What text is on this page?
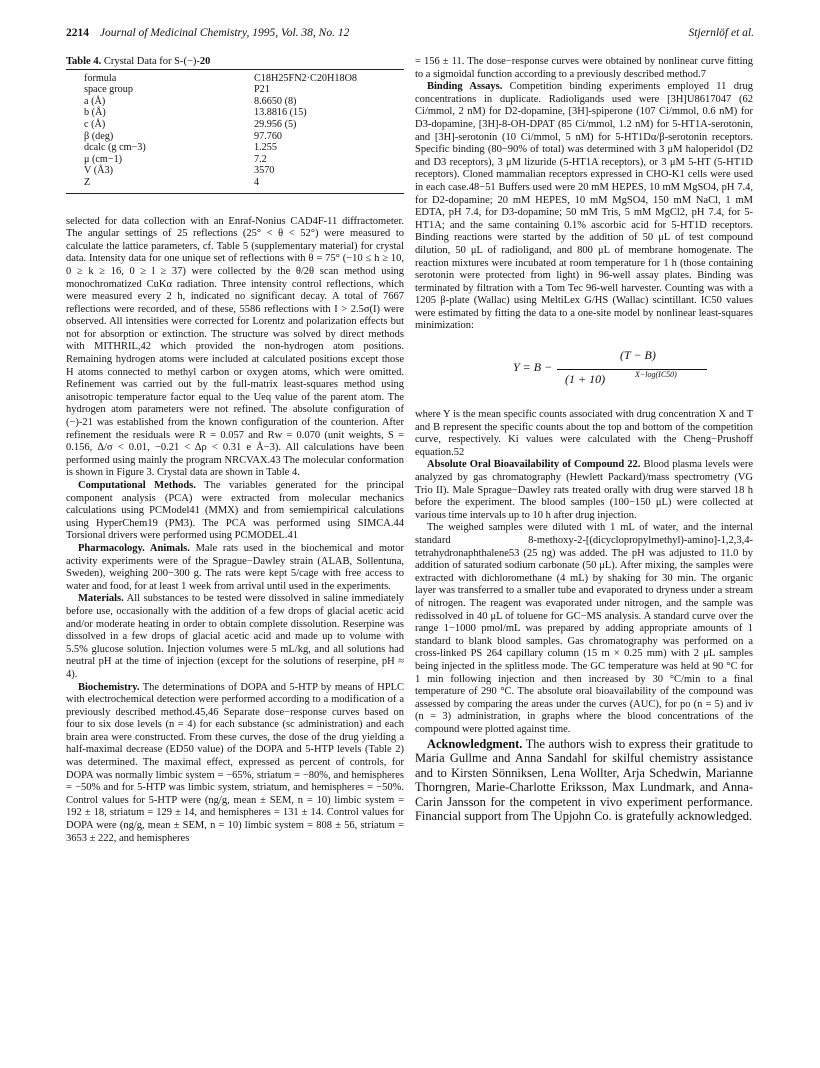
2214 Journal of Medicinal Chemistry, 1995, Vol. 38, No. 12	Stjernlöf et al.

Table 4. Crystal Data for S-(−)-20

formula	C18H25FN2·C20H18O8
space group	P21
a (Å)	8.6650 (8)
b (Å)	13.8816 (15)
c (Å)	29.956 (5)
β (deg)	97.760
dcalc (g cm−3)	1.255
μ (cm−1)	7.2
V (Å3)	3570
Z	4

selected for data collection with an Enraf-Nonius CAD4F-11 diffractometer. The angular settings of 25 reflections (25° < θ < 52°) were measured to calculate the lattice parameters, cf. Table 5 (supplementary material) for crystal data. Intensity data for one unique set of reflections with θ = 75° (−10 ≤ h ≥ 10, 0 ≥ k ≥ 16, 0 ≥ l ≥ 37) were collected by the θ/2θ scan method using monochromatized CuKα radiation. Three intensity control reflections, which were measured every 2 h, indicated no significant decay. A total of 7667 reflections were recorded, and of these, 5586 reflections with I > 2.5σ(I) were observed. All intensities were corrected for Lorentz and polarization effects but not for absorption or extinction. The structure was solved by direct methods with MITHRIL,42 which provided the non-hydrogen atom positions. Remaining hydrogen atoms were included at calculated positions except those H atoms connected to methyl carbon or oxygen atoms, which were omitted. Refinement was carried out by the full-matrix least-squares method using anisotropic temperature factor equal to the Ueq value of the parent atom. The hydrogen atom parameters were not refined. The absolute configuration of (−)-21 was established from the known configuration of the counterion. After refinement the residuals were R = 0.057 and Rw = 0.070 (unit weights, S = 0.156, Δ/σ < 0.01, −0.21 < Δρ < 0.31 e Å−3). All calculations have been performed using mainly the program NRCVAX.43 The molecular conformation is shown in Figure 3. Crystal data are shown in Table 4.

Computational Methods. The variables generated for the principal component analysis (PCA) were extracted from molecular mechanics calculations using PCModel41 (MMX) and from semiempirical calculations using HyperChem19 (PM3). The PCA was performed using SIMCA.44 Torsional drivers were performed using PCMODEL.41

Pharmacology. Animals. Male rats used in the biochemical and motor activity experiments were of the Sprague−Dawley strain (ALAB, Sollentuna, Sweden), weighing 200−300 g. The rats were kept 5/cage with free access to water and food, for at least 1 week from arrival until used in the experiments.

Materials. All substances to be tested were dissolved in saline immediately before use, occasionally with the addition of a few drops of glacial acetic acid and/or moderate heating in order to obtain complete dissolution. Reserpine was dissolved in a few drops of glacial acetic acid and made up to volume with 5.5% glucose solution. Injection volumes were 5 mL/kg, and all solutions had neutral pH at the time of injection (except for the solutions of reserpine, pH ≈ 4).

Biochemistry. The determinations of DOPA and 5-HTP by means of HPLC with electrochemical detection were performed according to a modification of a previously described method.45,46 Separate dose−response curves based on four to six dose levels (n = 4) for each substance (sc administration) and each brain area were constructed. From these curves, the dose of the drug yielding a half-maximal decrease (ED50 value) of the DOPA and 5-HTP levels (Table 2) was determined. The maximal effect, expressed as percent of controls, for DOPA was normally limbic system = −65%, striatum = −80%, and hemispheres = −50% and for 5-HTP was limbic system, striatum, and hemispheres = −50%. Control values for 5-HTP were (ng/g, mean ± SEM, n = 10) limbic system = 192 ± 18, striatum = 129 ± 14, and hemispheres = 131 ± 14. Control values for DOPA were (ng/g, mean ± SEM, n = 10) limbic system = 808 ± 56, striatum = 3653 ± 222, and hemispheres

= 156 ± 11. The dose−response curves were obtained by nonlinear curve fitting to a sigmoidal function according to a previously described method.7

Binding Assays. Competition binding experiments employed 11 drug concentrations in duplicate. Radioligands used were [3H]U8617047 (62 Ci/mmol, 2 nM) for D2-dopamine, [3H]-spiperone (107 Ci/mmol, 0.6 nM) for D3-dopamine, [3H]-8-OH-DPAT (85 Ci/mmol, 1.2 nM) for 5-HT1A-serotonin, and [3H]-serotonin (10 Ci/mmol, 5 nM) for 5-HT1Dα/β-serotonin receptors. Specific binding (80−90% of total) was determined with 3 μM haloperidol (D2 and D3 receptors), 3 μM lizuride (5-HT1A receptors), or 3 μM 5-HT (5-HT1D receptors). Cloned mammalian receptors expressed in CHO-K1 cells were used in each case.48−51 Buffers used were 20 mM HEPES, 10 mM MgSO4, pH 7.4, for D2-dopamine; 20 mM HEPES, 10 mM MgSO4, 150 mM NaCl, 1 mM EDTA, pH 7.4, for D3-dopamine; 50 mM Tris, 5 mM MgCl2, pH 7.4, for 5-HT1A; and the same containing 0.1% ascorbic acid for 5-HT1D receptors. Binding reactions were started by the addition of 50 μL of test compound dilution, 50 μL of radioligand, and 800 μL of membrane homogenate. The reaction mixtures were incubated at room temperature for 1 h (those containing serotonin were protected from light) in 96-well assay plates. Binding was terminated by filtration with a Tom Tec 96-well harvester. Counting was with a 1205 β-plate (Wallac) using MeltiLex G/HS (Wallac) scintillant. IC50 values were estimated by fitting the data to a one-site model by nonlinear least-squares minimization:

Y = B −
(T − B)
(1 + 10)	X−log(IC50)

where Y is the mean specific counts associated with drug concentration X and T and B represent the specific counts about the top and bottom of the competition curve, respectively. Ki values were calculated with the Cheng−Prushoff equation.52

Absolute Oral Bioavailability of Compound 22. Blood plasma levels were analyzed by gas chromatography (Hewlett Packard)/mass spectrometry (VG Trio II). Male Sprague−Dawley rats treated orally with drug were starved 18 h before the experiment. The blood samples (100−150 μL) were collected at various time intervals up to 10 h after drug injection.

The weighed samples were diluted with 1 mL of water, and the internal standard 8-methoxy-2-[(dicyclopropylmethyl)-amino]-1,2,3,4-tetrahydronaphthalene53 (25 ng) was added. The pH was adjusted to 11.0 by addition of saturated sodium carbonate (50 μL). After mixing, the samples were extracted with dichloromethane (4 mL) by shaking for 30 min. The organic layer was transferred to a smaller tube and evaporated to dryness under a stream of nitrogen. The reagent was evaporated under nitrogen, and the sample was redissolved in 40 μL of toluene for GC−MS analysis. A standard curve over the range 1−1000 pmol/mL was prepared by adding appropriate amounts of 1 standard to blank blood samples. Gas chromatography was performed on a cross-linked PS 264 capillary column (15 m × 0.25 mm) with 2 μL samples being injected in the splitless mode. The GC temperature was held at 90 °C for 1 min following injection and then increased by 30 °C/min to a final temperature of 290 °C. The absolute oral bioavailability of the compound was assessed by comparing the areas under the curves (AUC), for po (n = 5) and iv (n = 3) administration, in graphs where the blood concentrations of the compound were plotted against time.

Acknowledgment. The authors wish to express their gratitude to Maria Gullme and Anna Sandahl for skilful chemistry assistance and to Kirsten Sönniksen, Lena Wollter, Arja Schedwin, Marianne Thorngren, Marie-Charlotte Eriksson, Max Lundmark, and Anna-Carin Jansson for the competent in vivo experiment performance. Financial support from The Upjohn Co. is gratefully acknowledged.
